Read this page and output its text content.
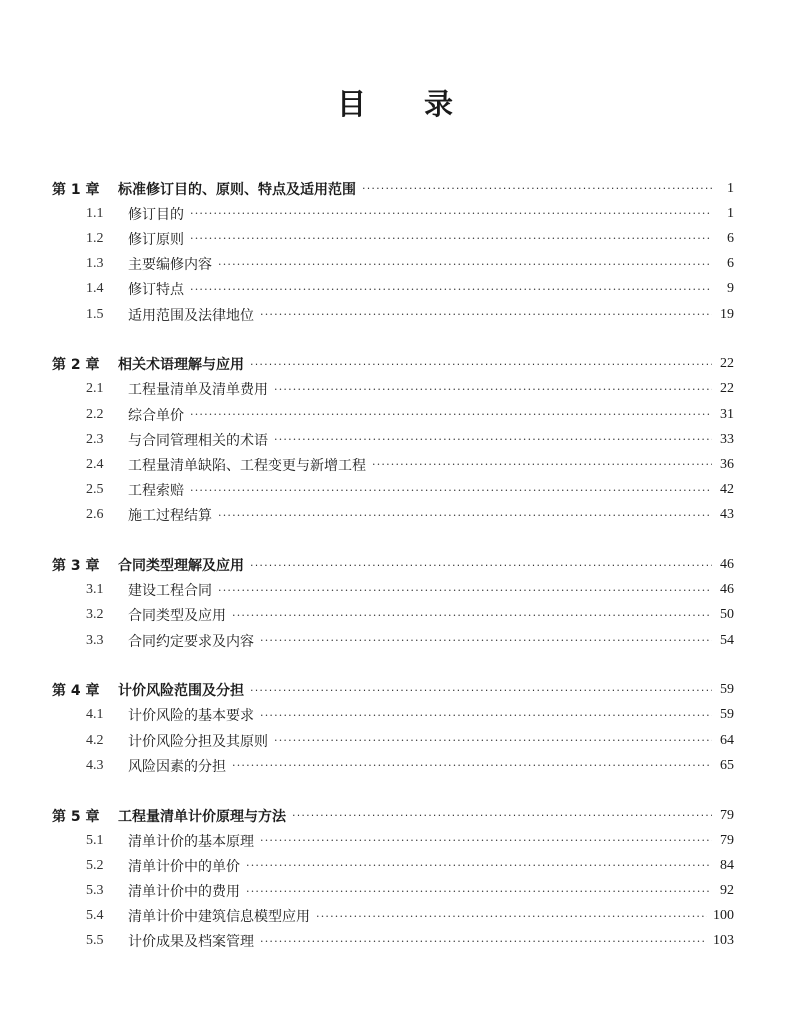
目录
第 1 章	标准修订目的、原则、特点及适用范围 ·····	1
1.1	修订目的 ·····	1
1.2	修订原则 ·····	6
1.3	主要编修内容 ·····	6
1.4	修订特点 ·····	9
1.5	适用范围及法律地位 ·····	19
第 2 章	相关术语理解与应用 ·····	22
2.1	工程量清单及清单费用 ·····	22
2.2	综合单价 ·····	31
2.3	与合同管理相关的术语 ·····	33
2.4	工程量清单缺陷、工程变更与新增工程 ·····	36
2.5	工程索赔 ·····	42
2.6	施工过程结算 ·····	43
第 3 章	合同类型理解及应用 ·····	46
3.1	建设工程合同 ·····	46
3.2	合同类型及应用 ·····	50
3.3	合同约定要求及内容 ·····	54
第 4 章	计价风险范围及分担 ·····	59
4.1	计价风险的基本要求 ·····	59
4.2	计价风险分担及其原则 ·····	64
4.3	风险因素的分担 ·····	65
第 5 章	工程量清单计价原理与方法 ·····	79
5.1	清单计价的基本原理 ·····	79
5.2	清单计价中的单价 ·····	84
5.3	清单计价中的费用 ·····	92
5.4	清单计价中建筑信息模型应用 ·····	100
5.5	计价成果及档案管理 ·····	103
